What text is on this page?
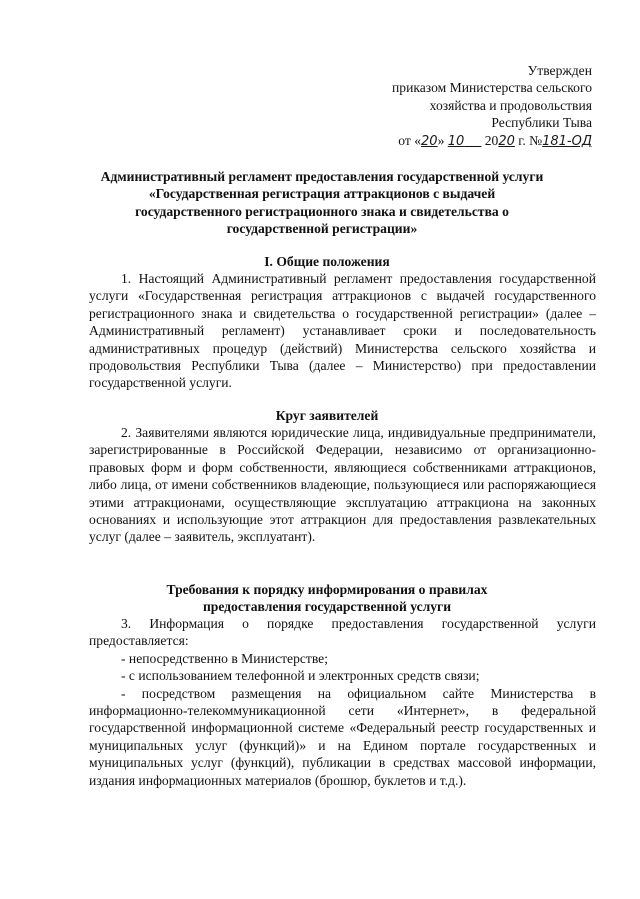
Утвержден
приказом Министерства сельского
хозяйства и продовольствия
Республики Тыва
от «20» 10      2020 г. №181-ОД
Административный регламент предоставления государственной услуги
«Государственная регистрация аттракционов с выдачей
государственного регистрационного знака и свидетельства о
государственной регистрации»
I. Общие положения

1. Настоящий Административный регламент предоставления государственной услуги «Государственная регистрация аттракционов с выдачей государственного регистрационного знака и свидетельства о государственной регистрации» (далее – Административный регламент) устанавливает сроки и последовательность административных процедур (действий) Министерства сельского хозяйства и продовольствия Республики Тыва (далее – Министерство) при предоставлении государственной услуги.

Круг заявителей

2. Заявителями являются юридические лица, индивидуальные предприниматели, зарегистрированные в Российской Федерации, независимо от организационно-правовых форм и форм собственности, являющиеся собственниками аттракционов, либо лица, от имени собственников владеющие, пользующиеся или распоряжающиеся этими аттракционами, осуществляющие эксплуатацию аттракциона на законных основаниях и использующие этот аттракцион для предоставления развлекательных услуг (далее – заявитель, эксплуатант).

Требования к порядку информирования о правилах
предоставления государственной услуги

3. Информация о порядке предоставления государственной услуги предоставляется:

- непосредственно в Министерстве;

- с использованием телефонной и электронных средств связи;

- посредством размещения на официальном сайте Министерства в информационно-телекоммуникационной сети «Интернет», в федеральной государственной информационной системе «Федеральный реестр государственных и муниципальных услуг (функций)» и на Едином портале государственных и муниципальных услуг (функций), публикации в средствах массовой информации, издания информационных материалов (брошюр, буклетов и т.д.).
